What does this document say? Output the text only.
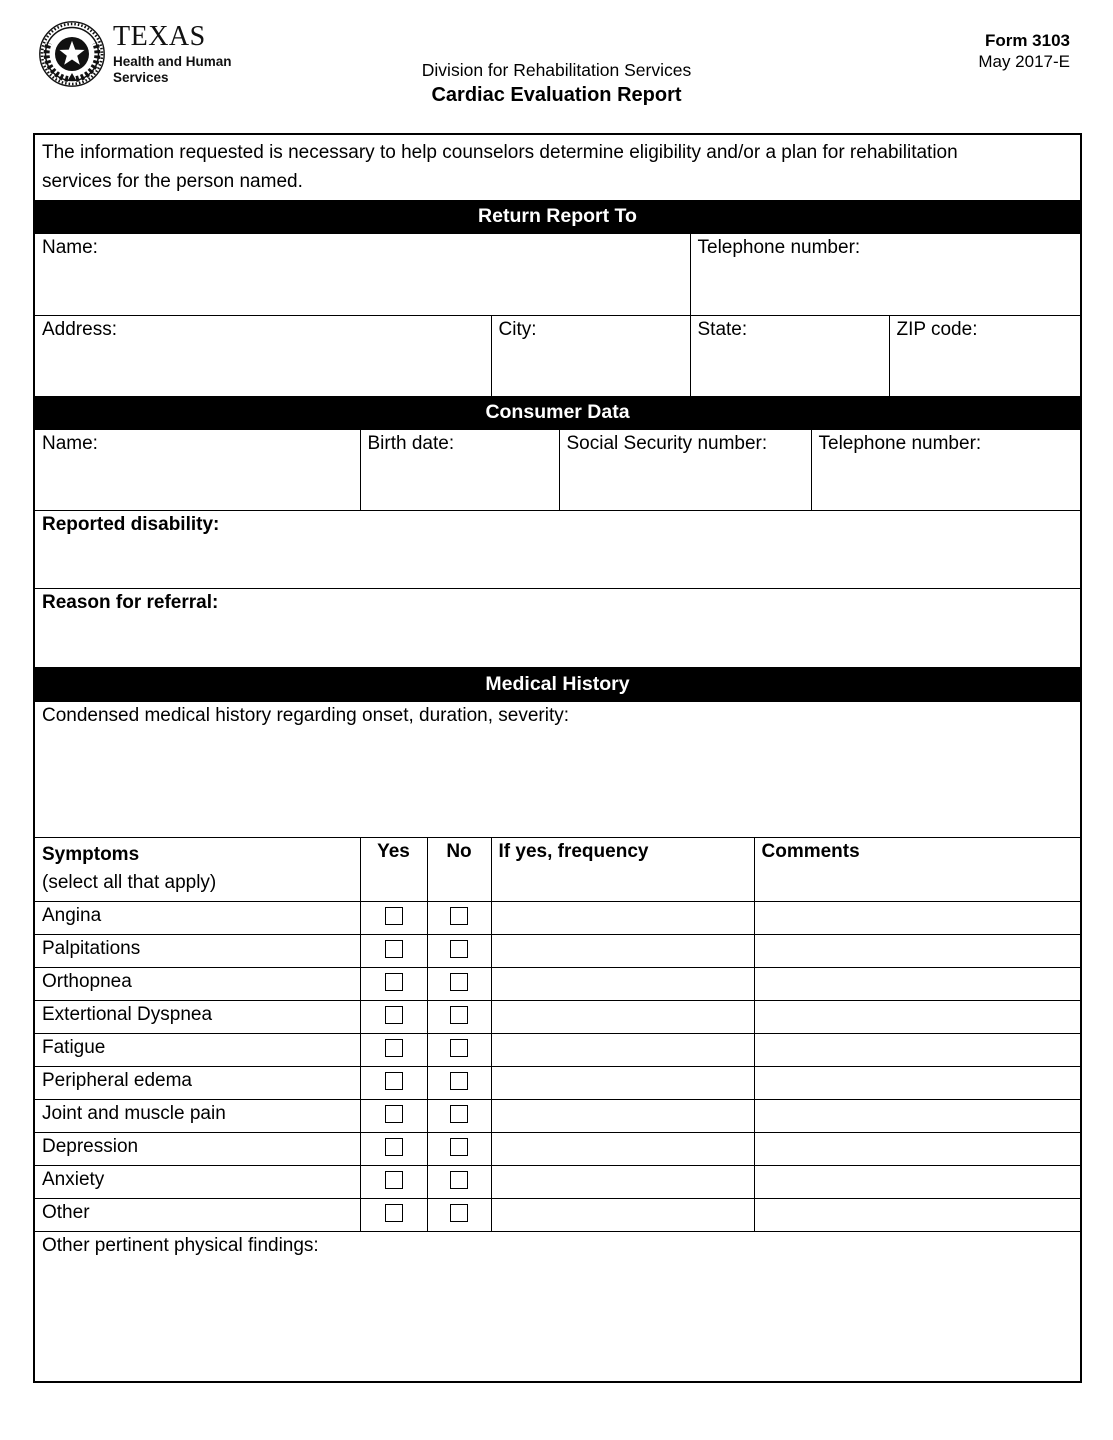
TEXAS
Health and Human
Services	Division for Rehabilitation Services
Cardiac Evaluation Report
Form 3103
May 2017-E
The information requested is necessary to help counselors determine eligibility and/or a plan for rehabilitation services for the person named.								

Return Report To								
Name:					Telephone number:			
Address:			City:		State:			ZIP code:
Consumer Data								
Name:	Birth date:			Social Security number:			Telephone number:	
Reported disability:								
Reason for referral:								
Medical History								
Condensed medical history regarding onset, duration, severity:								

Symptoms
(select all that apply)	Yes	No	If yes, frequency			Comments		
Angina								
Palpitations								
Orthopnea								
Extertional Dyspnea								
Fatigue								
Peripheral edema								
Joint and muscle pain								
Depression								
Anxiety								
Other								
Other pertinent physical findings:								
